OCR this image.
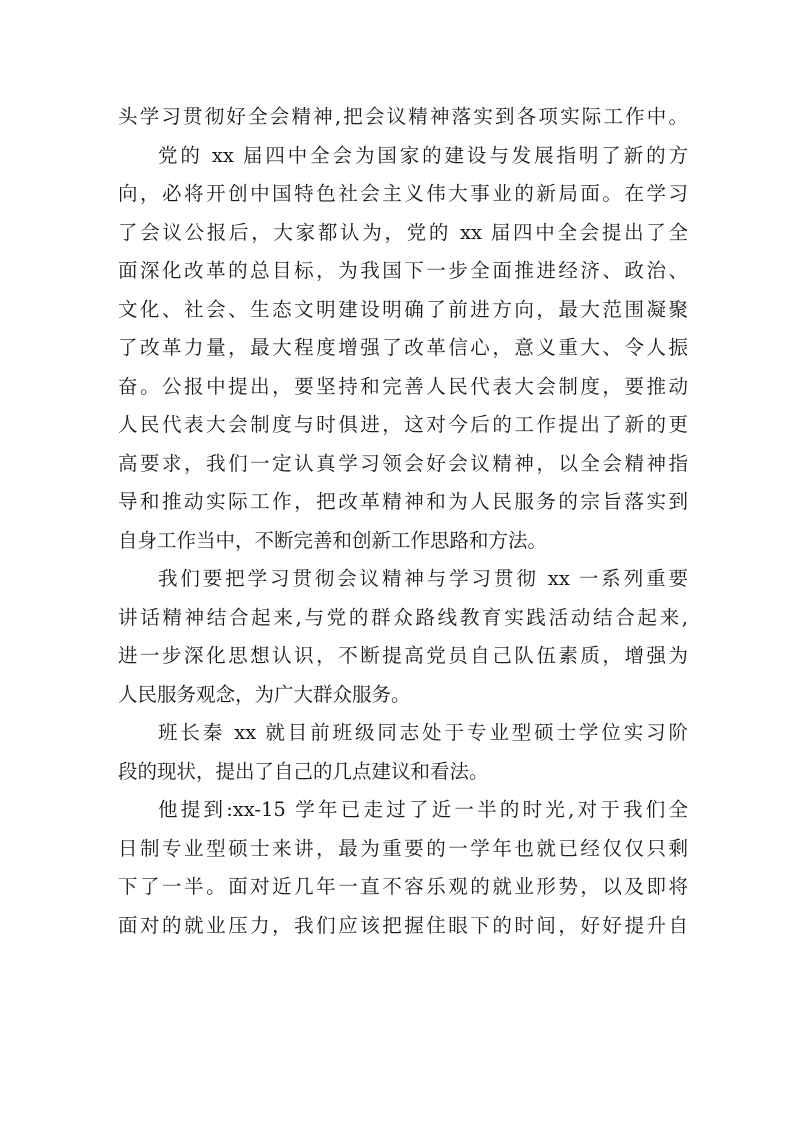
头学习贯彻好全会精神,把会议精神落实到各项实际工作中。
党的 xx 届四中全会为国家的建设与发展指明了新的方
向，必将开创中国特色社会主义伟大事业的新局面。在学习
了会议公报后，大家都认为，党的 xx 届四中全会提出了全
面深化改革的总目标，为我国下一步全面推进经济、政治、
文化、社会、生态文明建设明确了前进方向，最大范围凝聚
了改革力量，最大程度增强了改革信心，意义重大、令人振
奋。公报中提出，要坚持和完善人民代表大会制度，要推动
人民代表大会制度与时俱进，这对今后的工作提出了新的更
高要求，我们一定认真学习领会好会议精神，以全会精神指
导和推动实际工作，把改革精神和为人民服务的宗旨落实到
自身工作当中，不断完善和创新工作思路和方法。
我们要把学习贯彻会议精神与学习贯彻 xx 一系列重要
讲话精神结合起来,与党的群众路线教育实践活动结合起来,
进一步深化思想认识，不断提高党员自己队伍素质，增强为
人民服务观念，为广大群众服务。
班长秦 xx 就目前班级同志处于专业型硕士学位实习阶
段的现状，提出了自己的几点建议和看法。
他提到:xx-15 学年已走过了近一半的时光,对于我们全
日制专业型硕士来讲，最为重要的一学年也就已经仅仅只剩
下了一半。面对近几年一直不容乐观的就业形势，以及即将
面对的就业压力，我们应该把握住眼下的时间，好好提升自
